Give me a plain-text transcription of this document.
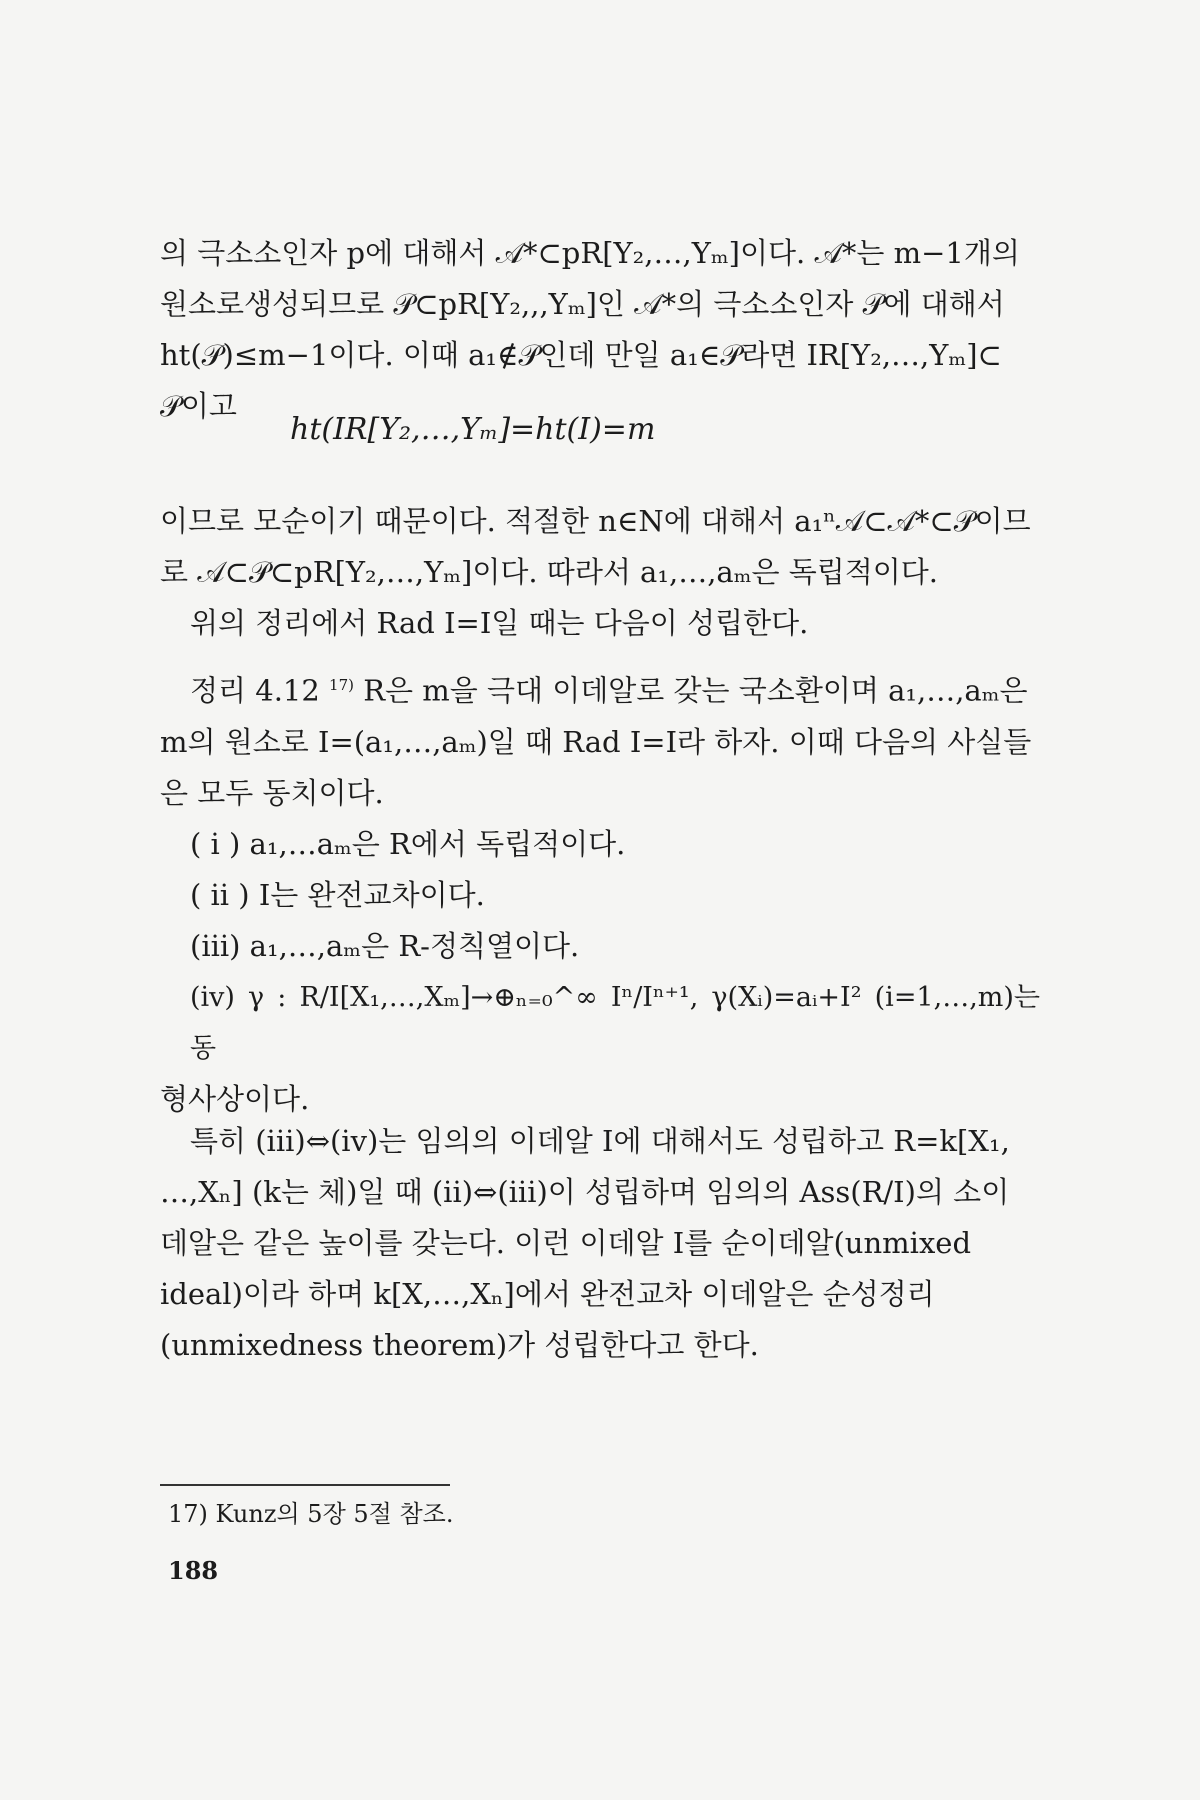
의 극소소인자 p에 대해서 𝒜*⊂pR[Y₂,…,Yₘ]이다. 𝒜*는 m−1개의
원소로생성되므로 𝒫⊂pR[Y₂,,,Yₘ]인 𝒜*의 극소소인자 𝒫에 대해서
ht(𝒫)≤m−1이다. 이때 a₁∉𝒫인데 만일 a₁∈𝒫라면 IR[Y₂,…,Yₘ]⊂
𝒫이고
ht(IR[Y₂,…,Yₘ]=ht(I)=m
이므로 모순이기 때문이다. 적절한 n∈N에 대해서 a₁ⁿ𝒜⊂𝒜*⊂𝒫이므
로 𝒜⊂𝒫⊂pR[Y₂,…,Yₘ]이다. 따라서 a₁,…,aₘ은 독립적이다.
위의 정리에서 Rad I=I일 때는 다음이 성립한다.
정리 4.12 $^{17)}$ R은 m을 극대 이데알로 갖는 국소환이며 a₁,…,aₘ은
m의 원소로 I=(a₁,…,aₘ)일 때 Rad I=I라 하자. 이때 다음의 사실들
은 모두 동치이다.
( i ) a₁,…aₘ은 R에서 독립적이다.
( ii ) I는 완전교차이다.
(iii) a₁,…,aₘ은 R-정칙열이다.
(iv) γ : R/I[X₁,…,Xₘ]→⊕ₙ₌₀^∞ Iⁿ/Iⁿ⁺¹, γ(Xᵢ)=aᵢ+I² (i=1,…,m)는 동
형사상이다.
특히 (iii)⇔(iv)는 임의의 이데알 I에 대해서도 성립하고 R=k[X₁,
…,Xₙ] (k는 체)일 때 (ii)⇔(iii)이 성립하며 임의의 Ass(R/I)의 소이
데알은 같은 높이를 갖는다. 이런 이데알 I를 순이데알(unmixed
ideal)이라 하며 k[X,…,Xₙ]에서 완전교차 이데알은 순성정리
(unmixedness theorem)가 성립한다고 한다.
17) Kunz의 5장 5절 참조.
188
